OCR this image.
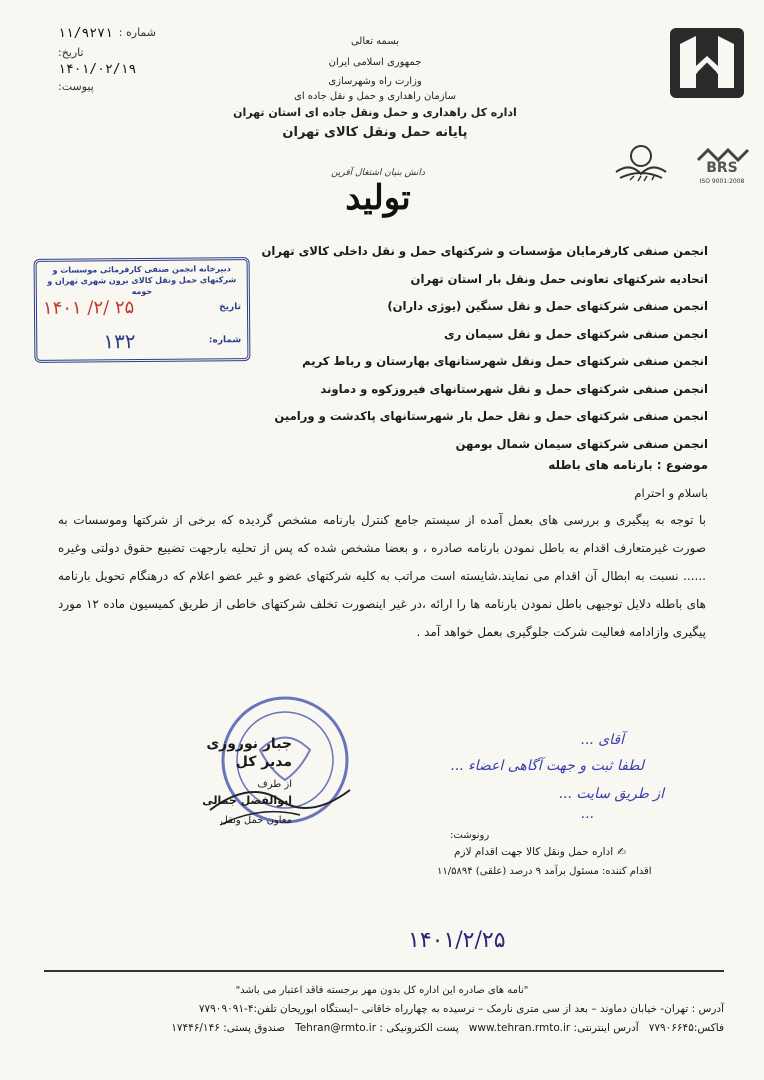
شماره :
۱۱/۹۲۷۱
تاریخ:
۱۴۰۱/۰۲/۱۹
پیوست:
بسمه تعالی
جمهوری اسلامی ایران
وزارت راه وشهرسازی
سازمان راهداری و حمل و نقل جاده ای
اداره کل راهداری و حمل ونقل جاده ای استان تهران
پایانه حمل ونقل کالای تهران
دانش بنیان اشتغال آفرین
تولید
BRS
ISO 9001:2008
دبیرخانه انجمن صنفی کارفرمائی موسسات و شرکتهای حمل ونقل کالای برون شهری تهران و حومه
تاریخ
۱۴۰۱ /۲/ ۲۵
شماره:
۱۳۲
انجمن صنفی کارفرمایان مؤسسات و شرکتهای حمل و نقل داخلی کالای تهران
اتحادیه شرکتهای تعاونی حمل ونقل بار استان تهران
انجمن صنفی شرکتهای حمل و نقل سنگین (یوژی داران)
انجمن صنفی شرکتهای حمل و نقل سیمان ری
انجمن صنفی شرکتهای حمل ونقل شهرستانهای بهارستان و رباط کریم
انجمن صنفی شرکتهای حمل و نقل شهرستانهای فیروزکوه و دماوند
انجمن صنفی شرکتهای حمل و نقل حمل بار شهرستانهای پاکدشت و ورامین
انجمن صنفی شرکتهای سیمان شمال بومهن
موضوع : بارنامه های باطله
باسلام و احترام
با توجه به پیگیری و بررسی های بعمل آمده از سیستم جامع کنترل بارنامه مشخص گردیده که برخی از شرکتها وموسسات به صورت غیرمتعارف اقدام به باطل نمودن بارنامه صادره ، و بعضا مشخص شده که پس از تحلیه بارجهت تضییع حقوق دولتی وغیره ...... نسبت به ابطال آن اقدام می نمایند.شایسته است مراتب به کلیه شرکتهای عضو و غیر عضو اعلام که درهنگام تحویل بارنامه های باطله دلایل توجیهی باطل نمودن بارنامه ها را ارائه ،در غیر اینصورت تخلف شرکتهای خاطی از طریق کمیسیون ماده ۱۲ مورد پیگیری وازادامه فعالیت شرکت جلوگیری بعمل خواهد آمد .
جبار نوروزی
مدیر کل
از طرف
ابوالفضل جمالی
معاون حمل ونقل
آقای ...
لطفا ثبت و جهت آگاهی اعضاء ...
از طریق سایت ...
...
رونوشت:
✍
اداره حمل ونقل کالا جهت اقدام لازم
اقدام کننده: مسئول برآمد ۹ درصد (علقی) ۱۱/۵۸۹۴
۱۴۰۱/۲/۲۵
"نامه های صادره این اداره کل بدون مهر برجسته فاقد اعتبار می باشد"
آدرس : تهران- خیابان دماوند – بعد از سی متری نارمک – نرسیده به چهارراه خاقانی –ایستگاه ابوریحان تلفن:۴-۷۷۹۰۹۰۹۱
فاکس:۷۷۹۰۶۶۴۵
آدرس اینترنتی: www.tehran.rmto.ir
پست الکترونیکی : Tehran@rmto.ir
صندوق پستی: ۱۷۴۴۶/۱۴۶
